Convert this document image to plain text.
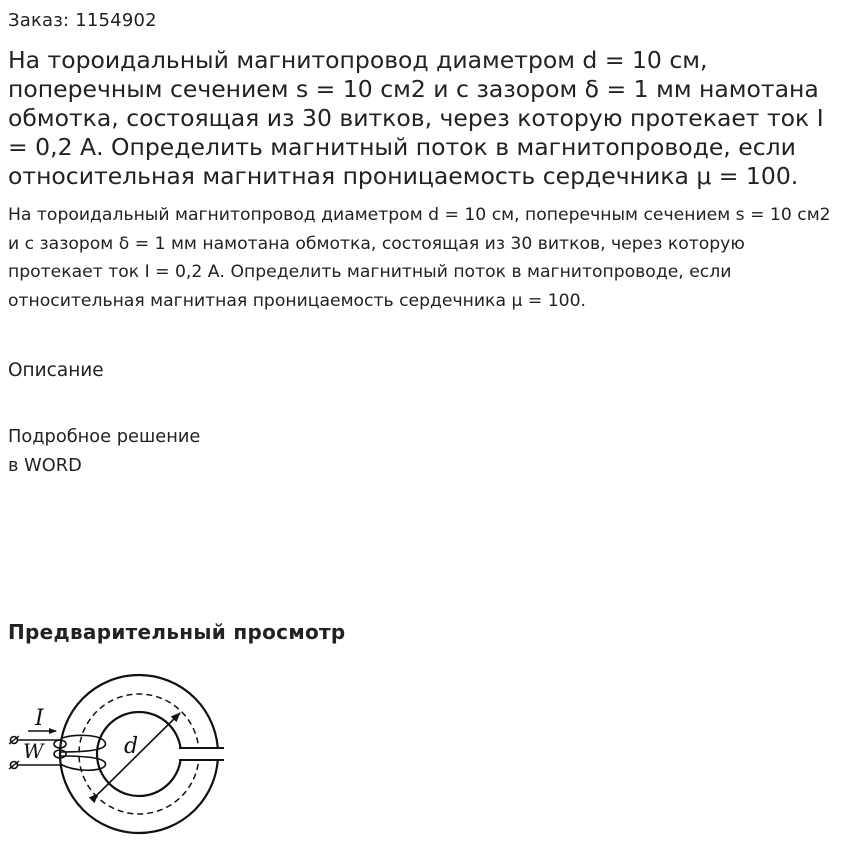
Заказ: 1154902
На тороидальный магнитопровод диаметром d = 10 см, поперечным сечением s = 10 см2 и с зазором δ = 1 мм намотана обмотка, состоящая из 30 витков, через которую протекает ток I = 0,2 А. Определить магнитный поток в магнитопроводе, если относительная магнитная проницаемость сердечника μ = 100.

На тороидальный магнитопровод диаметром d = 10 см, поперечным сечением s = 10 см2 и с зазором δ = 1 мм намотана обмотка, состоящая из 30 витков, через которую протекает ток I = 0,2 А. Определить магнитный поток в магнитопроводе, если относительная магнитная проницаемость сердечника μ = 100.

Описание
Подробное решение
в WORD
Предварительный просмотр
I
W	d
